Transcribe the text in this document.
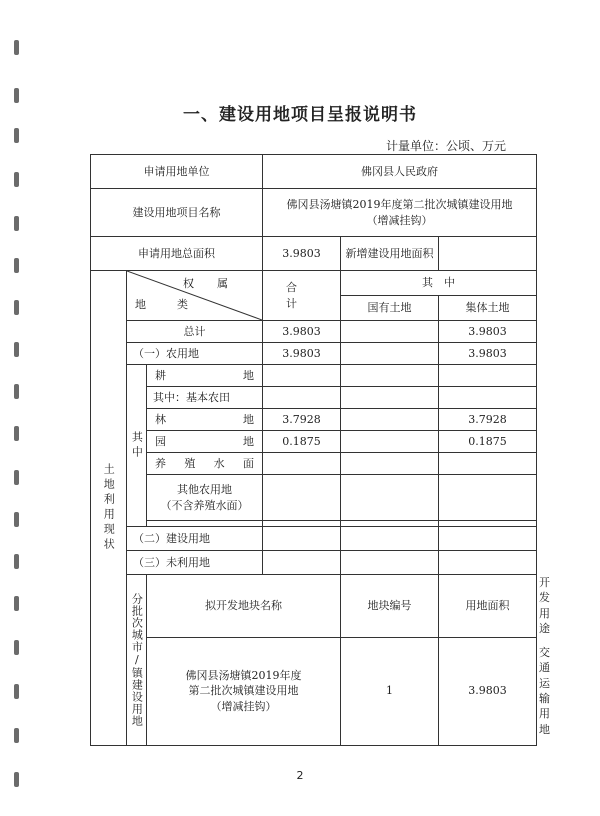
一、建设用地项目呈报说明书
计量单位：公顷、万元
申请用地单位			佛冈县人民政府			
建设用地项目名称			佛冈县汤塘镇2019年度第二批次城镇建设用地
（增减挂钩）			

申请用地总面积			3.9803	新增建设用地面积		

土地利用现状	权　属
地　类		合　计	其　中		
				国有土地	集体土地	
	总计		3.9803		3.9803	
	（一）农用地		3.9803		3.9803	

	其中	耕　　　地				
		其中：基本农田				
		林　　　地	3.7928		3.7928	
		园　　　地	0.1875		0.1875	
		养　殖　水　面				

		其他农用地
（不含养殖水面）				

	（二）建设用地					
	（三）未利用地					

	分批次城市/镇建设用地	拟开发地块名称		地块编号	用地面积	开发用途

		佛冈县汤塘镇2019年度
第二批次城镇建设用地
（增减挂钩）		1	3.9803	交通运输用地
2
